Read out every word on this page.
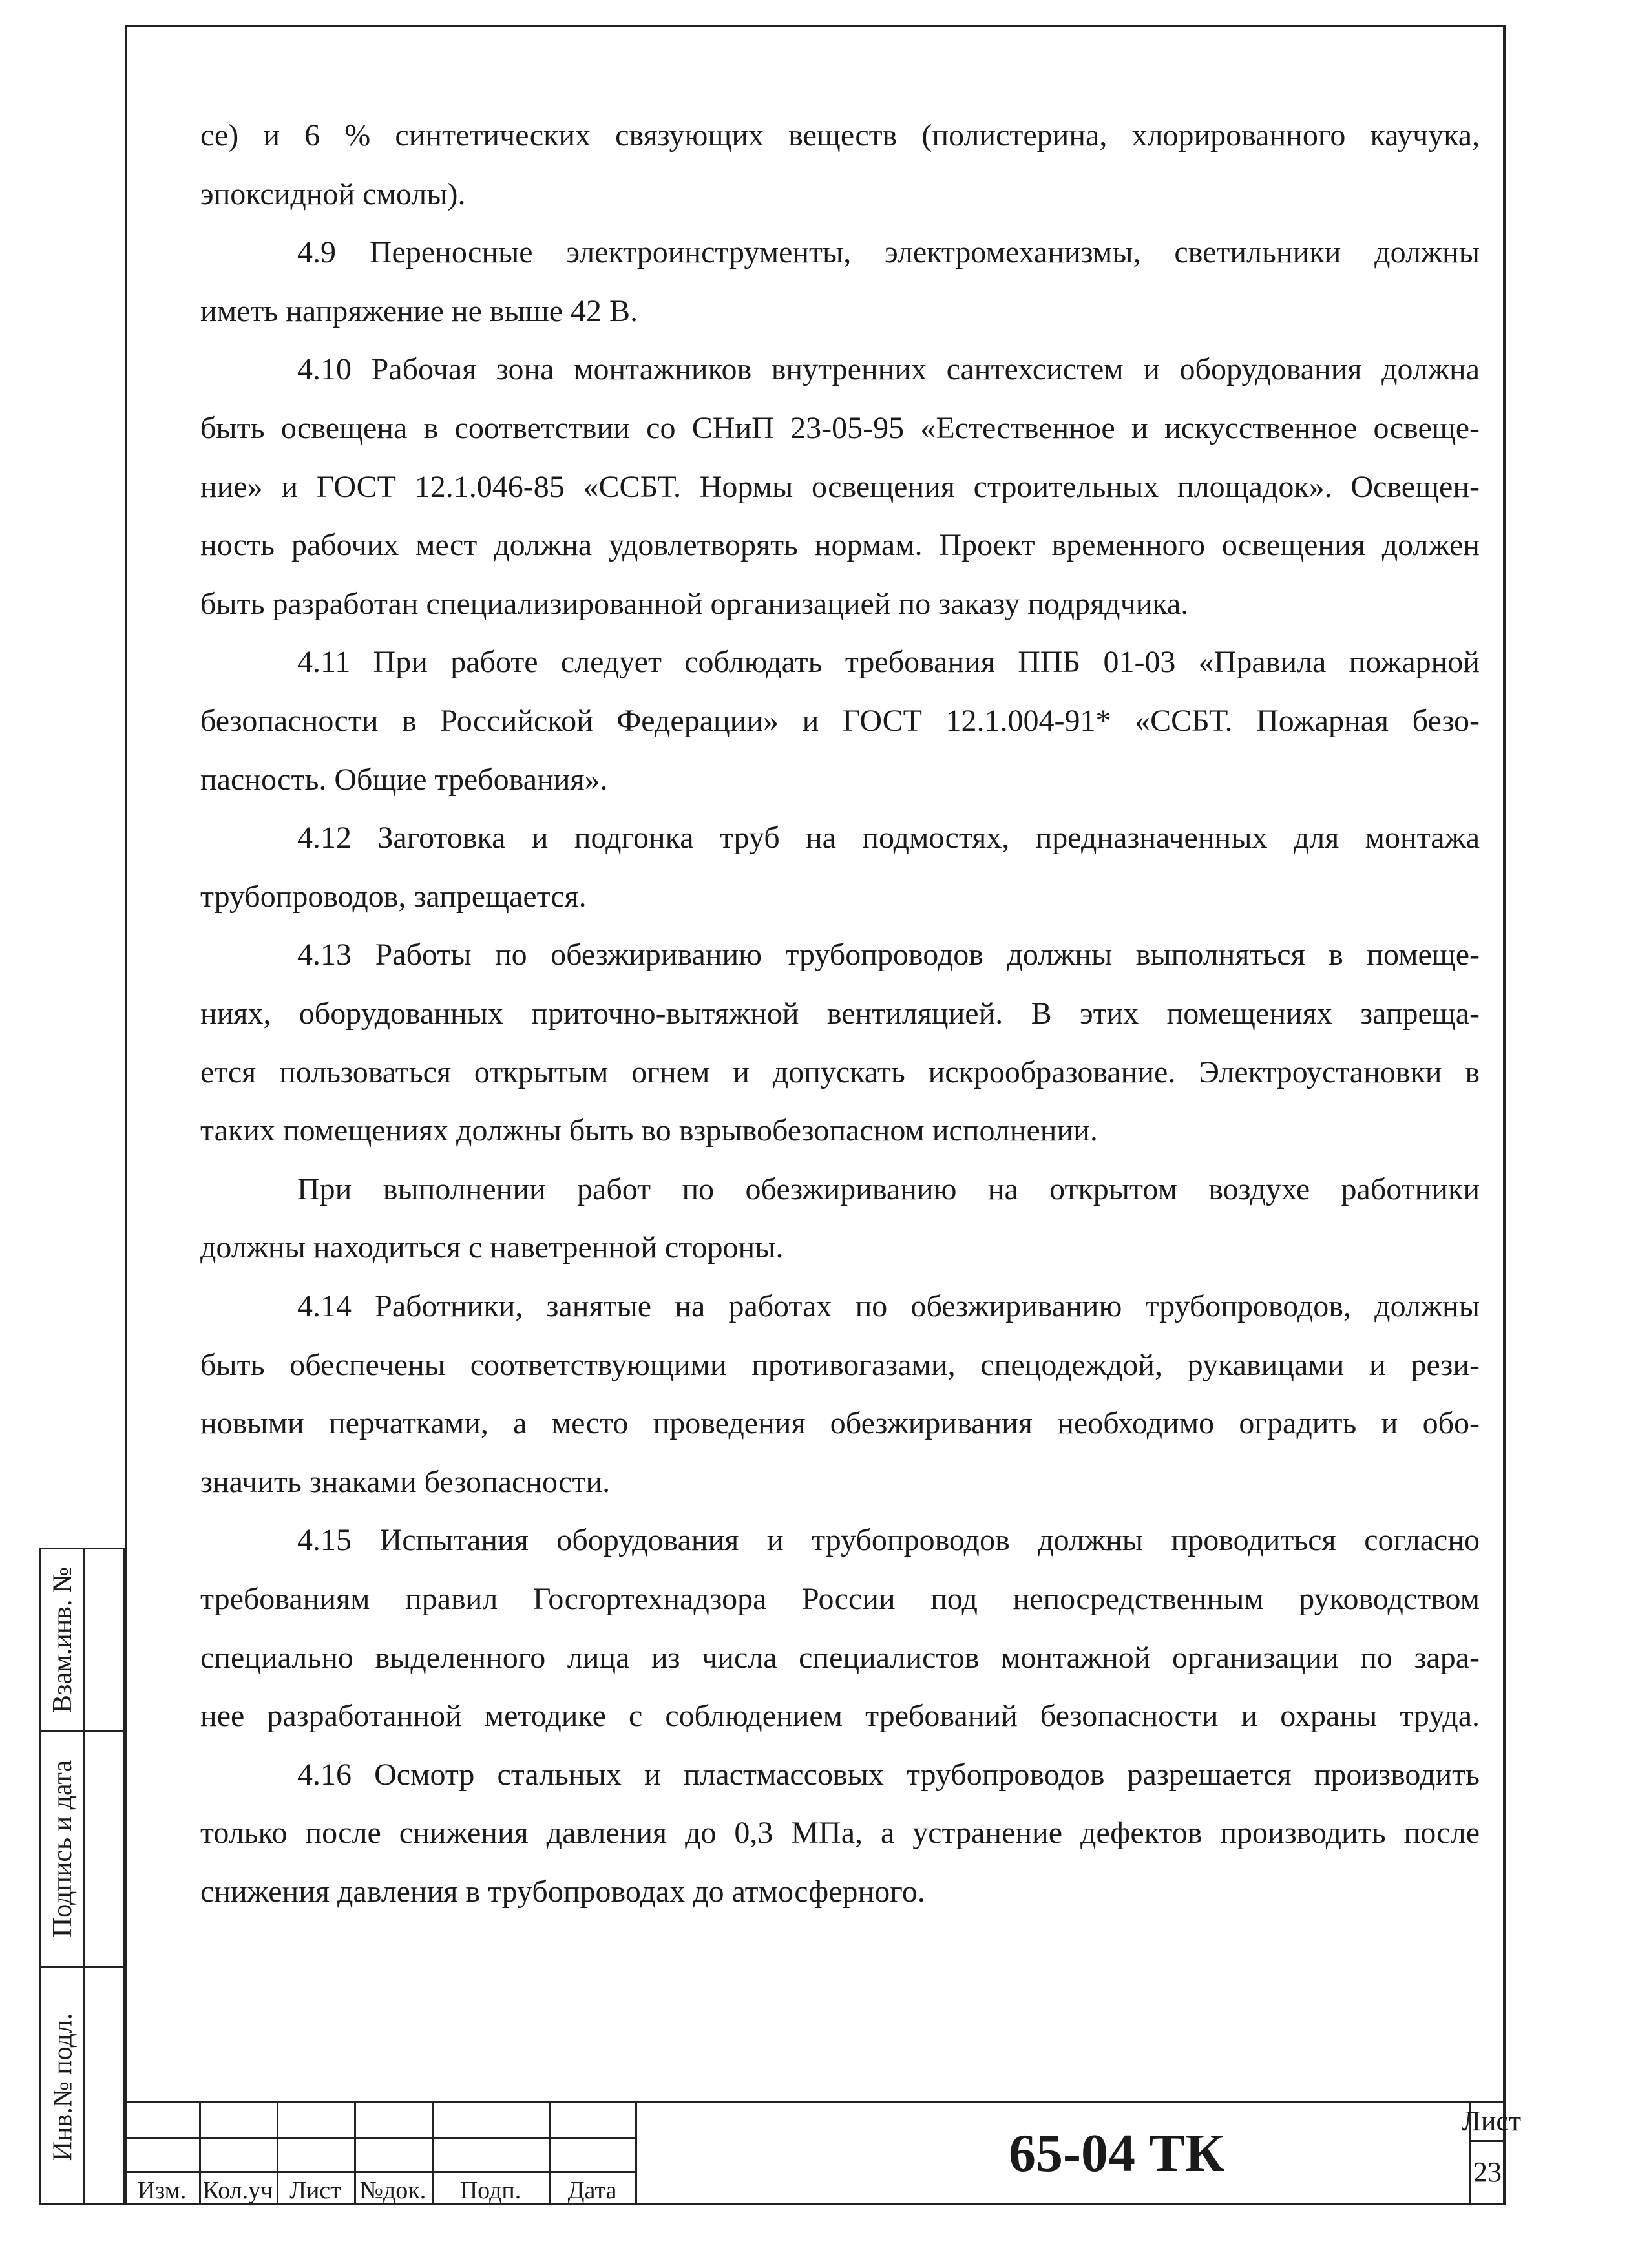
се) и 6 % синтетических связующих веществ (полистерина, хлорированного каучука,
эпоксидной смолы).
4.9 Переносные электроинструменты, электромеханизмы, светильники должны
иметь напряжение не выше 42 В.
4.10 Рабочая зона монтажников внутренних сантехсистем и оборудования должна
быть освещена в соответствии со СНиП 23-05-95 «Естественное и искусственное освеще-
ние» и ГОСТ 12.1.046-85 «ССБТ. Нормы освещения строительных площадок». Освещен-
ность рабочих мест должна удовлетворять нормам. Проект временного освещения должен
быть разработан специализированной организацией по заказу подрядчика.
4.11 При работе следует соблюдать требования ППБ 01-03 «Правила пожарной
безопасности в Российской Федерации» и ГОСТ 12.1.004-91* «ССБТ. Пожарная безо-
пасность. Общие требования».
4.12 Заготовка и подгонка труб на подмостях, предназначенных для монтажа
трубопроводов, запрещается.
4.13 Работы по обезжириванию трубопроводов должны выполняться в помеще-
ниях, оборудованных приточно-вытяжной вентиляцией. В этих помещениях запреща-
ется пользоваться открытым огнем и допускать искрообразование. Электроустановки в
таких помещениях должны быть во взрывобезопасном исполнении.
При выполнении работ по обезжириванию на открытом воздухе работники
должны находиться с наветренной стороны.
4.14 Работники, занятые на работах по обезжириванию трубопроводов, должны
быть обеспечены соответствующими противогазами, спецодеждой, рукавицами и рези-
новыми перчатками, а место проведения обезжиривания необходимо оградить и обо-
значить знаками безопасности.
4.15 Испытания оборудования и трубопроводов должны проводиться согласно
требованиям правил Госгортехнадзора России под непосредственным руководством
специально выделенного лица из числа специалистов монтажной организации по зара-
нее разработанной методике с соблюдением требований безопасности и охраны труда.
4.16 Осмотр стальных и пластмассовых трубопроводов разрешается производить
только после снижения давления до 0,3 МПа, а устранение дефектов производить после
снижения давления в трубопроводах до атмосферного.
Взам.инв. №
Подпись и дата
Инв.№ подл.
Изм. Кол.уч Лист №док.	Подп.	Дата
65-04 ТК
Лист
23
